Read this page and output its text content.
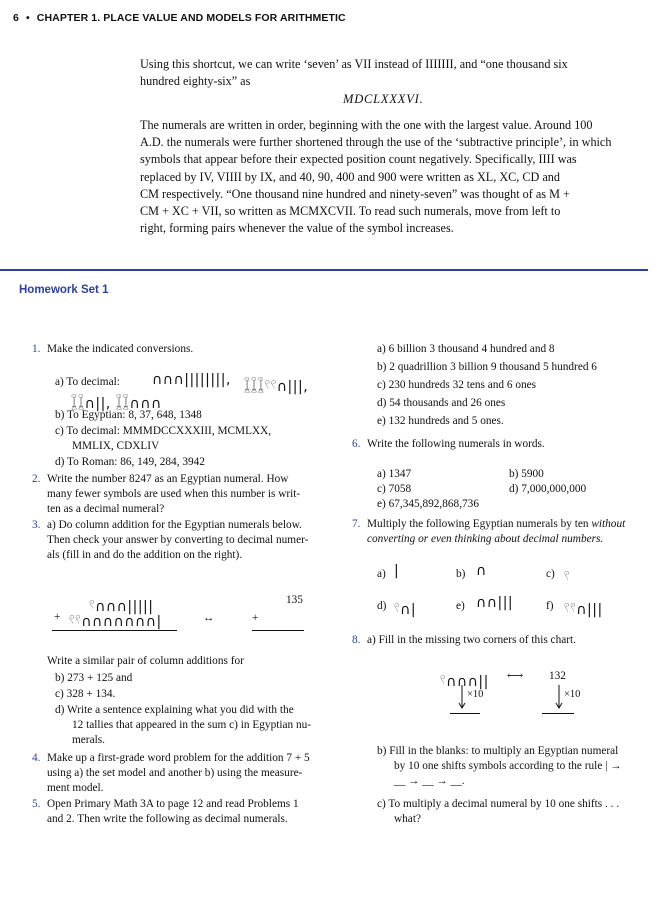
6 • CHAPTER 1. PLACE VALUE AND MODELS FOR ARITHMETIC
Using this shortcut, we can write ‘seven’ as VII instead of IIIIIII, and “one thousand six
hundred eighty-six” as
MDCLXXXVI.
The numerals are written in order, beginning with the one with the largest value. Around 100
A.D. the numerals were further shortened through the use of the ‘subtractive principle’, in which
symbols that appear before their expected position count negatively. Specifically, IIII was
replaced by IV, VIIII by IX, and 40, 90, 400 and 900 were written as XL, XC, CD and
CM respectively. “One thousand nine hundred and ninety-seven” was thought of as M +
CM + XC + VII, so written as MCMXCVII. To read such numerals, move from left to
right, forming pairs whenever the value of the symbol increases.
Homework Set 1
1. Make the indicated conversions.
a) To decimal: ∩∩∩||||||||, 𓆼𓆼𓆼𓍢𓍢∩|||,
𓆼𓆼∩||, 𓆼𓆼∩∩∩
b) To Egyptian: 8, 37, 648, 1348
c) To decimal: MMMDCCXXXIII, MCMLXX,
MMLIX, CDXLIV
d) To Roman: 86, 149, 284, 3942
2. Write the number 8247 as an Egyptian numeral. How
many fewer symbols are used when this number is writ-
ten as a decimal numeral?
3. a) Do column addition for the Egyptian numerals below.
Then check your answer by converting to decimal numer-
als (fill in and do the addition on the right).
𓍢∩∩∩|||||
+ 𓍢𓍢∩∩∩∩∩∩∩|	↔
135
+
Write a similar pair of column additions for
b) 273 + 125 and
c) 328 + 134.
d) Write a sentence explaining what you did with the
12 tallies that appeared in the sum c) in Egyptian nu-
merals.
4. Make up a first-grade word problem for the addition 7 + 5
using a) the set model and another b) using the measure-
ment model.
5. Open Primary Math 3A to page 12 and read Problems 1
and 2. Then write the following as decimal numerals.
a) 6 billion 3 thousand 4 hundred and 8
b) 2 quadrillion 3 billion 9 thousand 5 hundred 6
c) 230 hundreds 32 tens and 6 ones
d) 54 thousands and 26 ones
e) 132 hundreds and 5 ones.
6. Write the following numerals in words.
a) 1347	b) 5900
c) 7058	d) 7,000,000,000
e) 67,345,892,868,736
7. Multiply the following Egyptian numerals by ten without
converting or even thinking about decimal numbers.
a) |	b) ∩	c) 𓍢
d) 𓍢∩|	e) ∩∩|||	f) 𓍢𓍢∩|||
8. a) Fill in the missing two corners of this chart.
𓍢∩∩∩|| ⟷ 132
×10	×10
b) Fill in the blanks: to multiply an Egyptian numeral
by 10 one shifts symbols according to the rule | →
__ → __ → __.
c) To multiply a decimal numeral by 10 one shifts . . .
what?
